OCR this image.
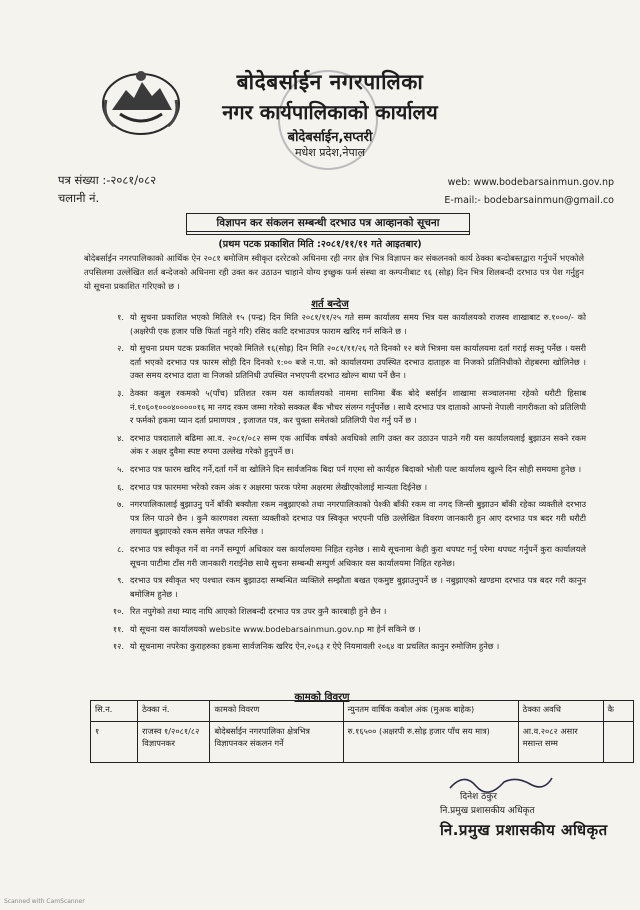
बोदेबर्साईन नगरपालिका
नगर कार्यपालिकाको कार्यालय
बोदेबर्साईन,सप्तरी
मधेश प्रदेश,नेपाल
पत्र संख्या :-२०८१/०८२
चलानी नं.
web: www.bodebarsainmun.gov.np
E-mail:- bodebarsainmun@gmail.co
विज्ञापन कर संकलन सम्बन्धी दरभाउ पत्र आव्हानको सूचना
(प्रथम पटक प्रकाशित मिति :२०८१/११/११ गते आइतबार)
बोदेबर्साईन नगरपालिकाको आर्थिक ऐन २०८१ बमोजिम स्वीकृत दररेटको अधिनमा रही नगर क्षेत्र भित्र विज्ञापन कर संकलनको कार्य ठेक्का बन्दोबस्तद्वारा गर्नुपर्ने भएकोले तपसिलमा उल्लेखित शर्त बन्देजको अधिनमा रही उक्त कर उठाउन चाहाने योग्य इच्छुक फर्म संस्था वा कम्पनीबाट १६ (सोह्र) दिन भित्र शिलबन्दी दरभाउ पत्र पेश गर्नुहुन यो सूचना प्रकाशित गरिएको छ ।
शर्त बन्देज
१. यो सुचना प्रकाशित भएको मितिले १५ (पन्द्र) दिन मिति २०८१/११/२५ गते सम्म कार्यालय समय भित्र यस कार्यालयको राजस्व शाखाबाट रु.१०००/- को (अक्षरेपी एक हजार पछि फिर्ता नहुने गरि) रसिद काटि दरभाउपत्र फाराम खरिद गर्न सकिने छ ।
२. यो सुचना प्रथम पटक प्रकाशित भएको मितिले १६(सोह्र) दिन मिति २०८१/११/२६ गते दिनको १२ बजे भित्रमा यस कार्यालयमा दर्ता गराई सक्नु पर्नेछ । यसरी दर्ता भएको दरभाउ पत्र फारम सोही दिन दिनको १:०० बजे न.पा. को कार्यालयमा उपस्थित दरभाउ दाताहरु वा निजको प्रतिनिधीको रोहबरमा खोलिनेछ । उक्त समय दरभाउ दाता वा निजको प्रतिनिधी उपस्थित नभएपनी दरभाउ खोल्न बाधा पर्ने छैन ।
३. ठेक्का कबुल रकमको ५(पाँच) प्रतिशत रकम यस कार्यालयको नाममा सानिमा बैंक बोदे बर्साईन शाखामा सञ्चालनमा रहेको धरौटी हिसाब नं.१०६०१०००४०००००१६ मा नगद रकम जम्मा गरेको सक्कल बैंक भौचर संलग्न गर्नुपर्नेछ । साथै दरभाउ पत्र दाताको आफ्नो नेपाली नागरीकता को प्रतिलिपी र फर्मको हकमा प्यान दर्ता प्रमाणपत्र , इजाजत पत्र, कर चुक्ता समेतको प्रतिलिपी पेश गर्नु पर्ने छ ।
४. दरभाउ पत्रदाताले बढिमा आ.व. २०८१/०८२ सम्म एक आर्थिक वर्षको अवधिको लागि उक्त कर उठाउन पाउने गरी यस कार्यालयलाई बुझाउन सक्ने रकम अंक र अक्षर दुवैमा स्पष्ट रुपमा उल्लेख गरेको हुनुपर्ने छ।
५. दरभाउ पत्र फारम खरिद गर्ने,दर्ता गर्ने वा खोलिने दिन सार्वजनिक बिदा पर्न गएमा सो कार्यहरु बिदाको भोली पल्ट कार्यालय खुल्ने दिन सोही समयमा हुनेछ ।
६. दरभाउ पत्र फारममा भरेको रकम अंक र अक्षरमा फरक परेमा अक्षरमा लेखीएकोलाई मान्यता दिईनेछ ।
७. नगरपालिकालाई बुझाउनु पर्ने बाँकी बक्यौता रकम नबुझाएको तथा नगरपालिकाको पेश्की बाँकी रकम वा नगद जिन्सी बुझाउन बाँकी रहेका व्यक्तीले दरभाउ पत्र लिन पाउने छैन । कुनै कारणवश त्यस्ता व्यक्तीको दरभाउ पत्र स्विकृत भएपनी पछि उल्लेखित विवरण जानकारी हुन आए दरभाउ पत्र बदर गरी धरौटी लगायत बुझाएको रकम समेत जफत गरिनेछ ।
८. दरभाउ पत्र स्वीकृत गर्ने वा नगर्ने सम्पूर्ण अधिकार यस कार्यालयमा निहित रहनेछ । साथै सूचनामा केही कुरा थपघट गर्नु परेमा थपघट गर्नुपर्ने कुरा कार्यालयले सूचना पाटीमा टाँस गरी जानकारी गराईनेछ साथै सुचना सम्बन्धी सम्पुर्ण अधिकार यस कार्यालयमा निहित रहनेछ।
९. दरभाउ पत्र स्वीकृत भए पश्चात रकम बुझाउदा सम्बन्धित व्यक्तिले सम्झौता बखत एकमुष्ट बुझाउनुपर्ने छ । नबुझाएको खण्डमा दरभाउ पत्र बदर गरी कानुन बमोजिम हुनेछ ।
१०. रित नपुगेको तथा म्याद नाघि आएको शिलबन्दी दरभाउ पत्र उपर कुनै कारबाही हुने छैन ।
११. यो सूचना यस कार्यालयको website www.bodebarsainmun.gov.np मा हेर्न सकिने छ ।
१२. यो सूचनामा नपरेका कुराहरुका हकमा सार्वजनिक खरिद ऐन,२०६३ र ऐऐ नियमावली २०६४ वा प्रचलित कानुन रुमोजिम हुनेछ ।
कामको विवरण
सि.न.	ठेक्का नं.	कामको विवरण	न्युनतम वार्षिक कबोल अंक (मुअक बाहेक)	ठेक्का अवधि	कै
१	राजस्व १/२०८१/८२ विज्ञापनकर	बोदेबर्साईन नगरपालिका क्षेत्रभित्र विज्ञापनकर संकलन गर्ने	रु.१६५०० (अक्षरपी रु.सोह्र हजार पाँच सय मात्र)	आ.व.२०८२ असार मसान्त सम्म	
दिनेश ठकुर
नि.प्रमुख प्रशासकीय अधिकृत
नि.प्रमुख प्रशासकीय अधिकृत
Scanned with CamScanner
